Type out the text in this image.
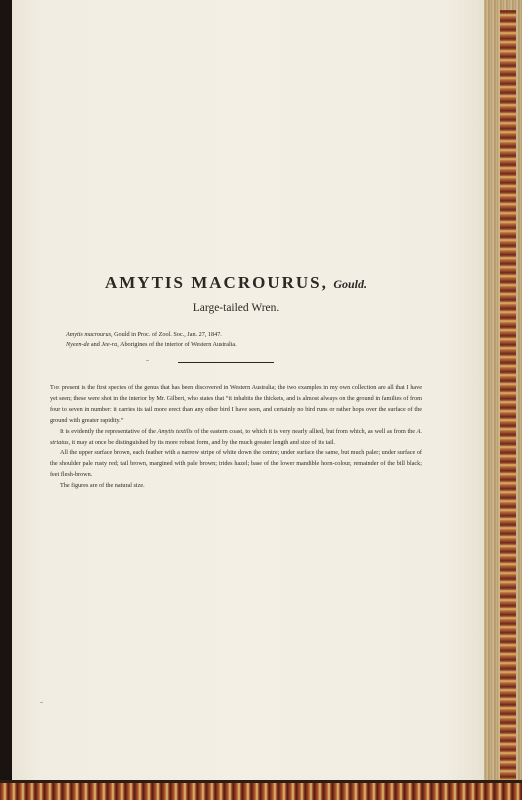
AMYTIS MACROURUS, Gould.
Large-tailed Wren.
Amytis macrourus, Gould in Proc. of Zool. Soc., Jan. 27, 1847.
Nyeen-de and Jee-ra, Aborigines of the interior of Western Australia.

The present is the first species of the genus that has been discovered in Western Australia; the two examples in my own collection are all that I have yet seen; these were shot in the interior by Mr. Gilbert, who states that “it inhabits the thickets, and is almost always on the ground in families of from four to seven in number: it carries its tail more erect than any other bird I have seen, and certainly no bird runs or rather hops over the surface of the ground with greater rapidity.”

It is evidently the representative of the Amytis textilis of the eastern coast, to which it is very nearly allied, but from which, as well as from the A. striatus, it may at once be distinguished by its more robust form, and by the much greater length and size of its tail.

All the upper surface brown, each feather with a narrow stripe of white down the centre; under surface the same, but much paler; under surface of the shoulder pale rusty red; tail brown, margined with pale brown; irides hazel; base of the lower mandible horn-colour, remainder of the bill black; feet flesh-brown.

The figures are of the natural size.
